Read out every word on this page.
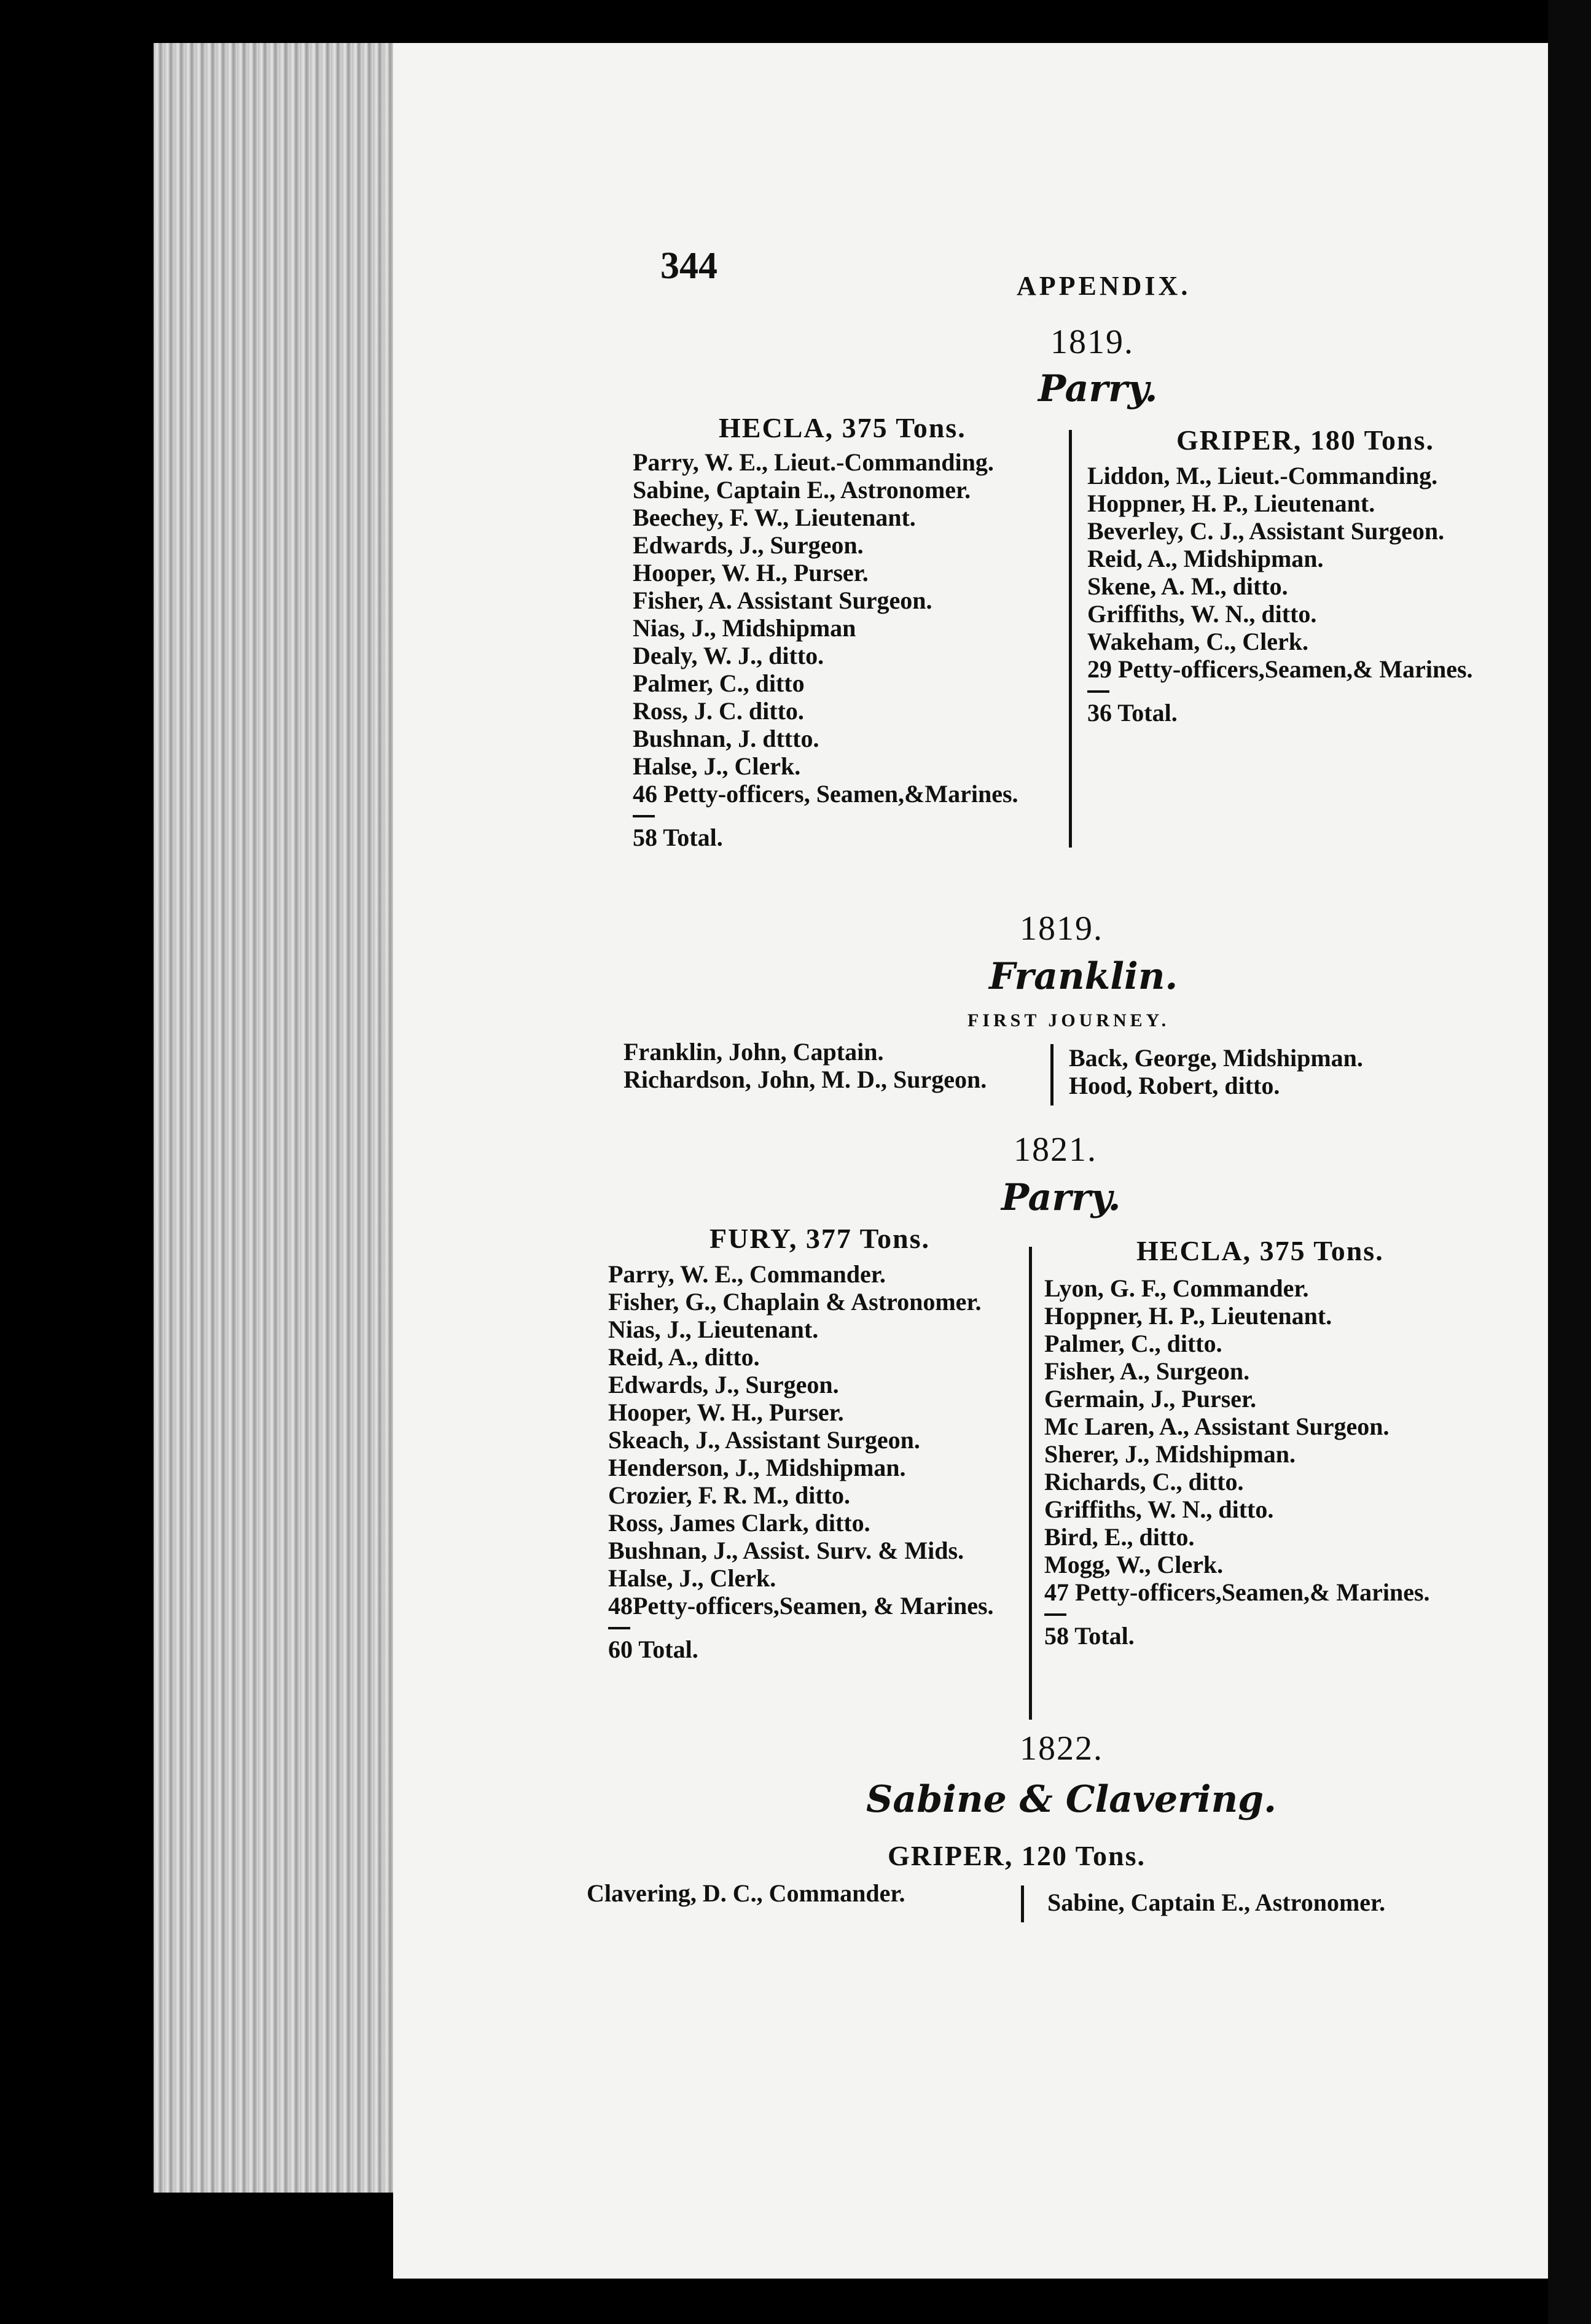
344	APPENDIX.
1819.
Parry.
HECLA, 375 Tons.
Parry, W. E., Lieut.-Commanding.
Sabine, Captain E., Astronomer.
Beechey, F. W., Lieutenant.
Edwards, J., Surgeon.
Hooper, W. H., Purser.
Fisher, A. Assistant Surgeon.
Nias, J., Midshipman
Dealy, W. J., ditto.
Palmer, C., ditto
Ross, J. C. ditto.
Bushnan, J. dttto.
Halse, J., Clerk.
46 Petty-officers, Seamen,&Marines.
58 Total.
GRIPER, 180 Tons.
Liddon, M., Lieut.-Commanding.
Hoppner, H. P., Lieutenant.
Beverley, C. J., Assistant Surgeon.
Reid, A., Midshipman.
Skene, A. M., ditto.
Griffiths, W. N., ditto.
Wakeham, C., Clerk.
29 Petty-officers,Seamen,& Marines.
36 Total.
1819.
Franklin.
FIRST JOURNEY.
Franklin, John, Captain.
Richardson, John, M. D., Surgeon.
Back, George, Midshipman.
Hood, Robert, ditto.
1821.
Parry.
FURY, 377 Tons.
Parry, W. E., Commander.
Fisher, G., Chaplain & Astronomer.
Nias, J., Lieutenant.
Reid, A., ditto.
Edwards, J., Surgeon.
Hooper, W. H., Purser.
Skeach, J., Assistant Surgeon.
Henderson, J., Midshipman.
Crozier, F. R. M., ditto.
Ross, James Clark, ditto.
Bushnan, J., Assist. Surv. & Mids.
Halse, J., Clerk.
48Petty-officers,Seamen, & Marines.
60 Total.
HECLA, 375 Tons.
Lyon, G. F., Commander.
Hoppner, H. P., Lieutenant.
Palmer, C., ditto.
Fisher, A., Surgeon.
Germain, J., Purser.
Mc Laren, A., Assistant Surgeon.
Sherer, J., Midshipman.
Richards, C., ditto.
Griffiths, W. N., ditto.
Bird, E., ditto.
Mogg, W., Clerk.
47 Petty-officers,Seamen,& Marines.
58 Total.
1822.
Sabine & Clavering.
GRIPER, 120 Tons.
Clavering, D. C., Commander.	Sabine, Captain E., Astronomer.
